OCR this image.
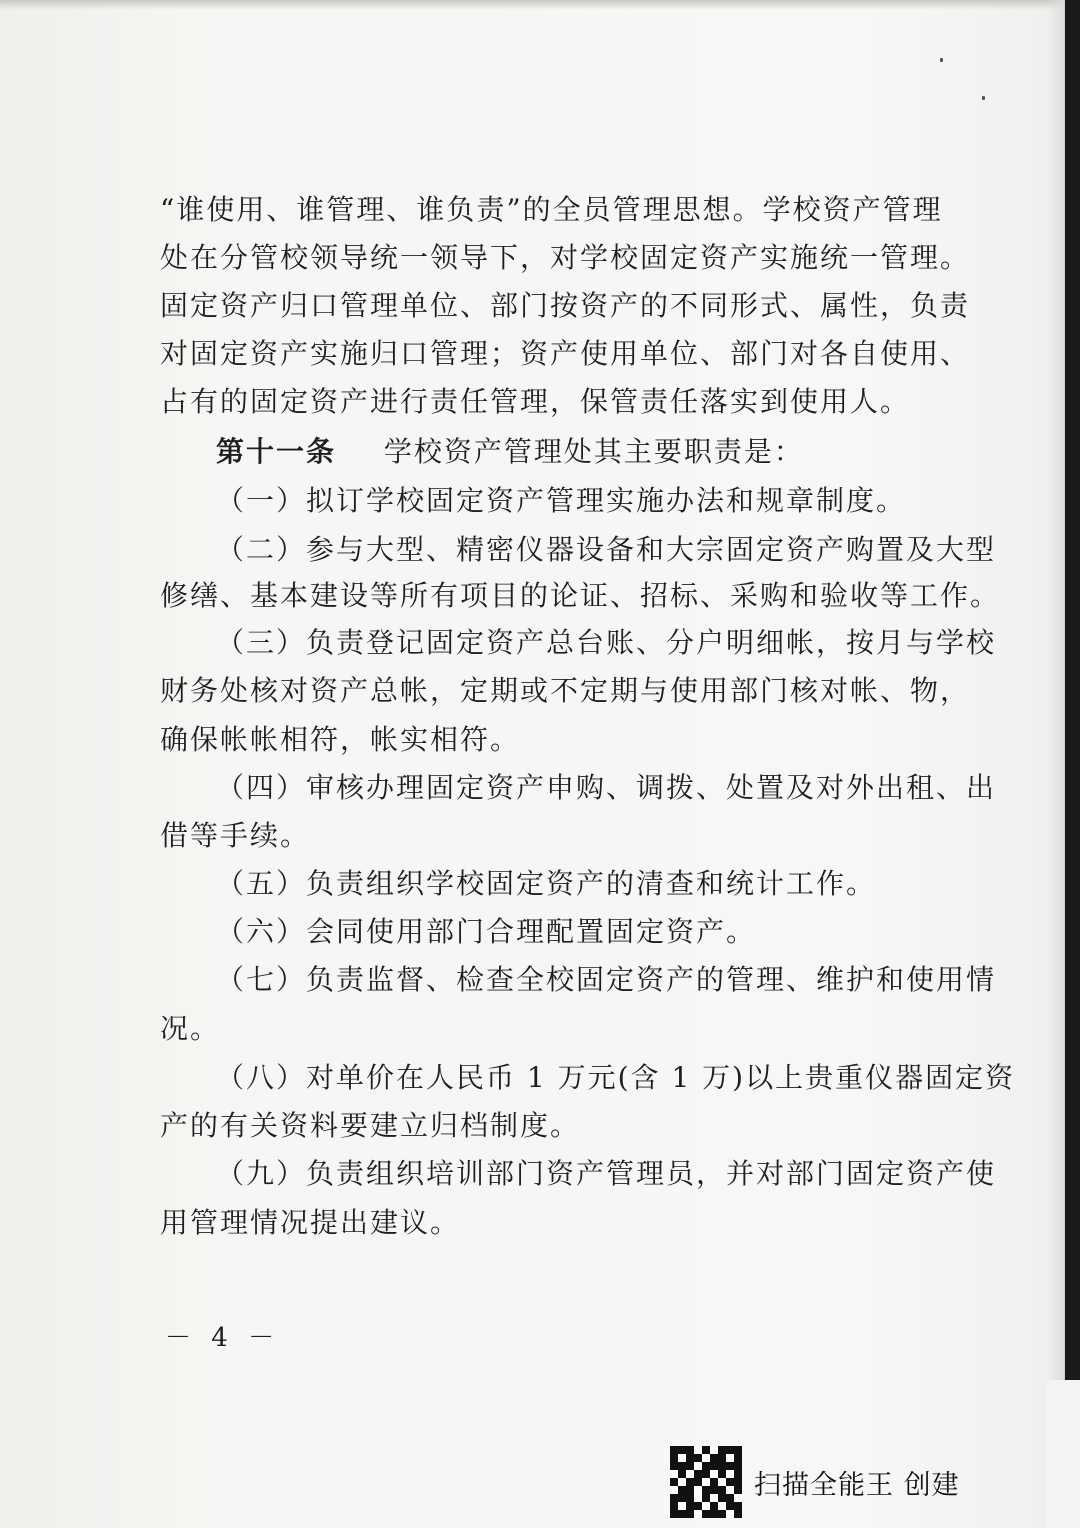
“谁使用、谁管理、谁负责”的全员管理思想。学校资产管理

处在分管校领导统一领导下，对学校固定资产实施统一管理。

固定资产归口管理单位、部门按资产的不同形式、属性，负责

对固定资产实施归口管理；资产使用单位、部门对各自使用、

占有的固定资产进行责任管理，保管责任落实到使用人。

第十一条 学校资产管理处其主要职责是：

（一）拟订学校固定资产管理实施办法和规章制度。

（二）参与大型、精密仪器设备和大宗固定资产购置及大型

修缮、基本建设等所有项目的论证、招标、采购和验收等工作。

（三）负责登记固定资产总台账、分户明细帐，按月与学校

财务处核对资产总帐，定期或不定期与使用部门核对帐、物，

确保帐帐相符，帐实相符。

（四）审核办理固定资产申购、调拨、处置及对外出租、出

借等手续。

（五）负责组织学校固定资产的清查和统计工作。

（六）会同使用部门合理配置固定资产。

（七）负责监督、检查全校固定资产的管理、维护和使用情

况。

（八）对单价在人民币 1 万元(含 1 万)以上贵重仪器固定资

产的有关资料要建立归档制度。

（九）负责组织培训部门资产管理员，并对部门固定资产使

用管理情况提出建议。

－ 4 －
扫描全能王 创建
